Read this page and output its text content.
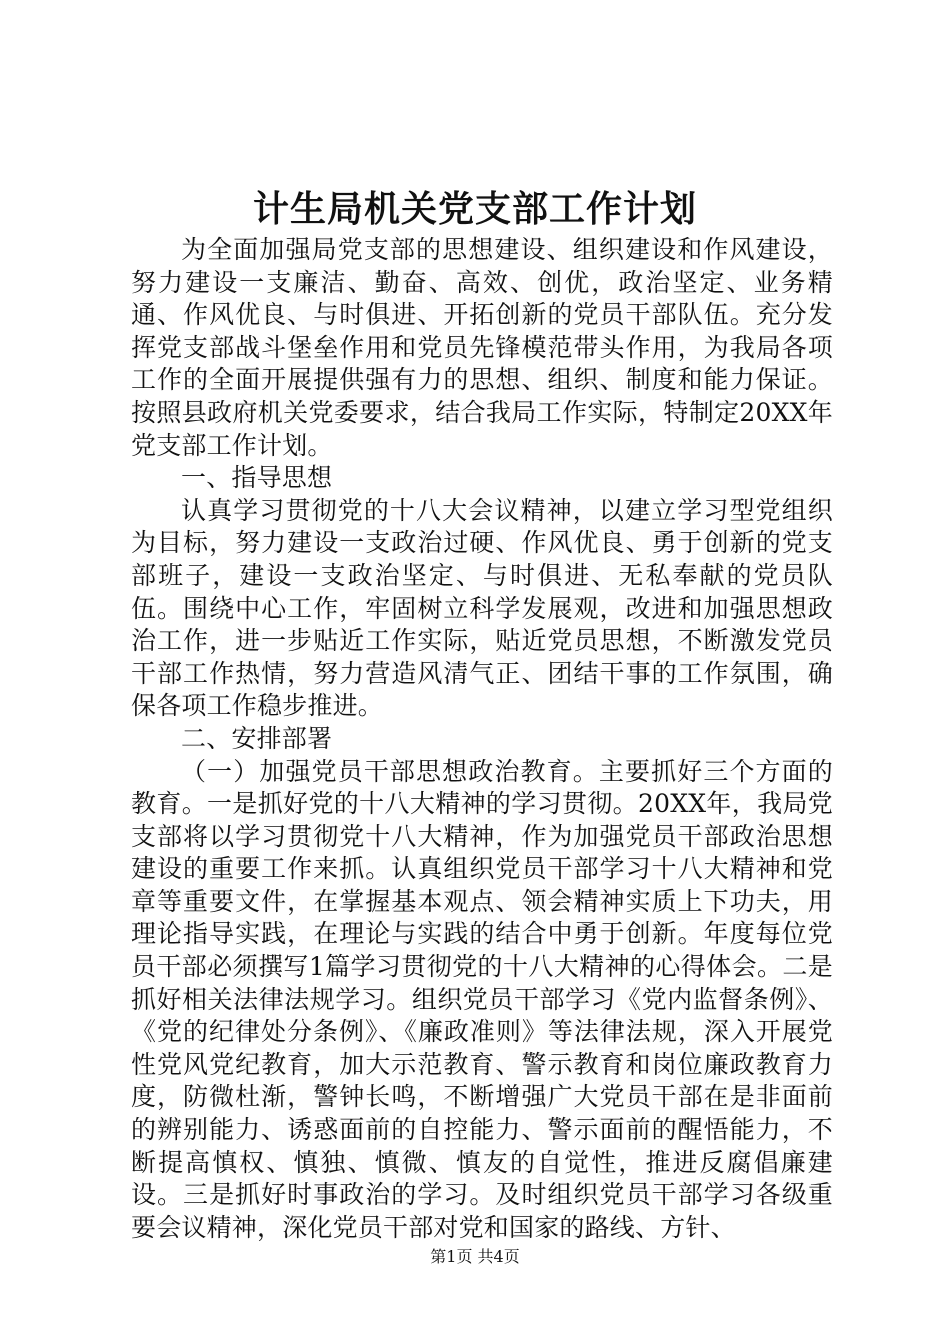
计生局机关党支部工作计划

为全面加强局党支部的思想建设、组织建设和作风建设，努力建设一支廉洁、勤奋、高效、创优，政治坚定、业务精通、作风优良、与时俱进、开拓创新的党员干部队伍。充分发挥党支部战斗堡垒作用和党员先锋模范带头作用，为我局各项工作的全面开展提供强有力的思想、组织、制度和能力保证。按照县政府机关党委要求，结合我局工作实际，特制定20XX年党支部工作计划。

一、指导思想

认真学习贯彻党的十八大会议精神，以建立学习型党组织为目标，努力建设一支政治过硬、作风优良、勇于创新的党支部班子，建设一支政治坚定、与时俱进、无私奉献的党员队伍。围绕中心工作，牢固树立科学发展观，改进和加强思想政治工作，进一步贴近工作实际，贴近党员思想，不断激发党员干部工作热情，努力营造风清气正、团结干事的工作氛围，确保各项工作稳步推进。

二、安排部署

（一）加强党员干部思想政治教育。主要抓好三个方面的教育。一是抓好党的十八大精神的学习贯彻。20XX年，我局党支部将以学习贯彻党十八大精神，作为加强党员干部政治思想建设的重要工作来抓。认真组织党员干部学习十八大精神和党章等重要文件，在掌握基本观点、领会精神实质上下功夫，用理论指导实践，在理论与实践的结合中勇于创新。年度每位党员干部必须撰写1篇学习贯彻党的十八大精神的心得体会。二是抓好相关法律法规学习。组织党员干部学习《党内监督条例》、《党的纪律处分条例》、《廉政准则》等法律法规，深入开展党性党风党纪教育，加大示范教育、警示教育和岗位廉政教育力度，防微杜渐，警钟长鸣，不断增强广大党员干部在是非面前的辨别能力、诱惑面前的自控能力、警示面前的醒悟能力，不断提高慎权、慎独、慎微、慎友的自觉性，推进反腐倡廉建设。三是抓好时事政治的学习。及时组织党员干部学习各级重要会议精神，深化党员干部对党和国家的路线、方针、

第1页 共4页
